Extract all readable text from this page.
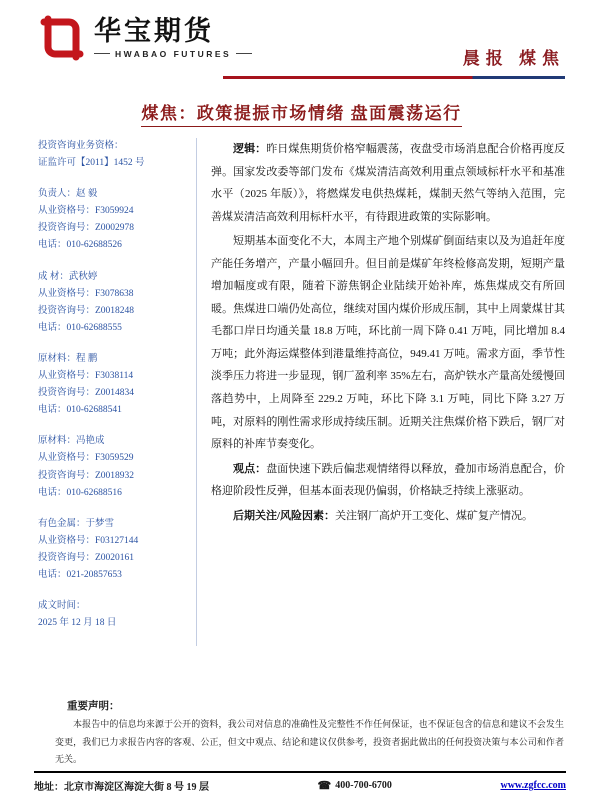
华宝期货
HWABAO FUTURES	晨报 煤焦
煤焦：政策提振市场情绪 盘面震荡运行
投资咨询业务资格：
证监许可【2011】1452 号
负责人：赵 毅
从业资格号：F3059924
投资咨询号：Z0002978
电话：010-62688526
成 材：武秋婷
从业资格号：F3078638
投资咨询号：Z0018248
电话：010-62688555
原材料：程 鹏
从业资格号：F3038114
投资咨询号：Z0014834
电话：010-62688541
原材料：冯艳成
从业资格号：F3059529
投资咨询号：Z0018932
电话：010-62688516
有色金属：于梦雪
从业资格号：F03127144
投资咨询号：Z0020161
电话：021-20857653
成文时间：
2025 年 12 月 18 日

逻辑：昨日煤焦期货价格窄幅震荡，夜盘受市场消息配合价格再度反弹。国家发改委等部门发布《煤炭清洁高效利用重点领域标杆水平和基准水平（2025 年版）》，将燃煤发电供热煤耗，煤制天然气等纳入范围，完善煤炭清洁高效利用标杆水平，有待跟进政策的实际影响。

短期基本面变化不大，本周主产地个别煤矿倒面结束以及为追赶年度产能任务增产，产量小幅回升。但目前是煤矿年终检修高发期，短期产量增加幅度或有限，随着下游焦钢企业陆续开始补库，炼焦煤成交有所回暖。焦煤进口端仍处高位，继续对国内煤价形成压制，其中上周蒙煤甘其毛都口岸日均通关量 18.8 万吨，环比前一周下降 0.41 万吨，同比增加 8.4 万吨；此外海运煤整体到港量维持高位，949.41 万吨。需求方面，季节性淡季压力将进一步显现，钢厂盈利率 35%左右，高炉铁水产量高处缓慢回落趋势中，上周降至 229.2 万吨，环比下降 3.1 万吨，同比下降 3.27 万吨，对原料的刚性需求形成持续压制。近期关注焦煤价格下跌后，钢厂对原料的补库节奏变化。

观点：盘面快速下跌后偏悲观情绪得以释放，叠加市场消息配合，价格迎阶段性反弹，但基本面表现仍偏弱，价格缺乏持续上涨驱动。

后期关注/风险因素：关注钢厂高炉开工变化、煤矿复产情况。

重要声明：

本报告中的信息均来源于公开的资料，我公司对信息的准确性及完整性不作任何保证，也不保证包含的信息和建议不会发生变更，我们已力求报告内容的客观、公正，但文中观点、结论和建议仅供参考，投资者据此做出的任何投资决策与本公司和作者无关。

地址：北京市海淀区海淀大街 8 号 19 层	☎ 400-700-6700	www.zgfcc.com
